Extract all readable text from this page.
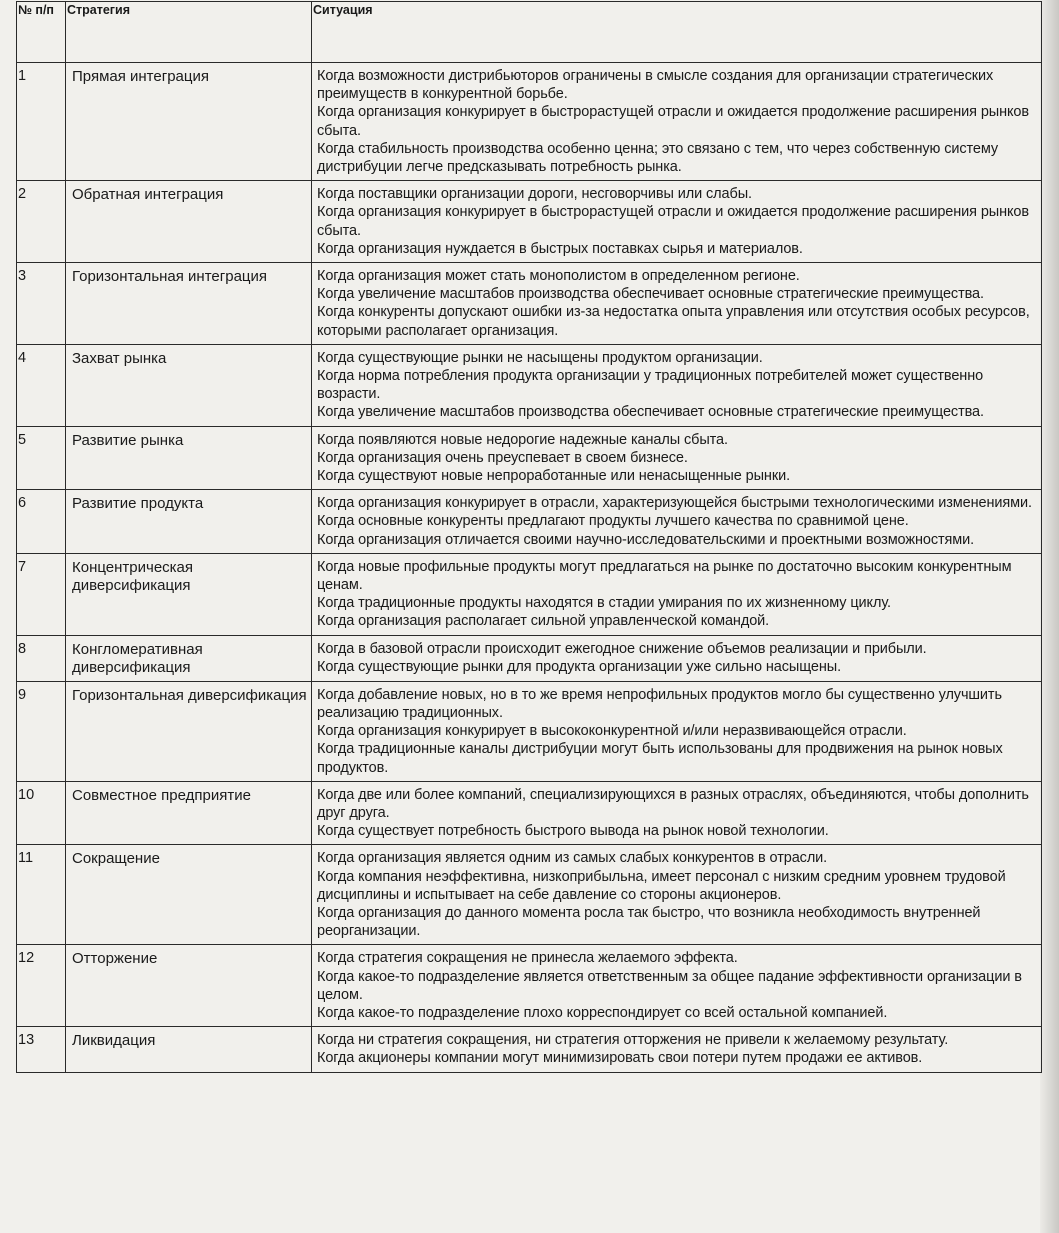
№ п/п	Стратегия	Ситуация
1	Прямая интеграция	Когда возможности дистрибьюторов ограничены в смысле создания для организации стратегических преимуществ в конкурентной борьбе.
Когда организация конкурирует в быстрорастущей отрасли и ожидается продолжение расширения рынков сбыта.
Когда стабильность производства особенно ценна; это связано с тем, что через собственную систему дистрибуции легче предсказывать потребность рынка.

2	Обратная интеграция	Когда поставщики организации дороги, несговорчивы или слабы.
Когда организация конкурирует в быстрорастущей отрасли и ожидается продолжение расширения рынков сбыта.
Когда организация нуждается в быстрых поставках сырья и материалов.

3	Горизонтальная интеграция	Когда организация может стать монополистом в определенном регионе.
Когда увеличение масштабов производства обеспечивает основные стратегические преимущества.
Когда конкуренты допускают ошибки из-за недостатка опыта управления или отсутствия особых ресурсов, которыми располагает организация.

4	Захват рынка	Когда существующие рынки не насыщены продуктом организации.
Когда норма потребления продукта организации у традиционных потребителей может существенно возрасти.
Когда увеличение масштабов производства обеспечивает основные стратегические преимущества.

5	Развитие рынка	Когда появляются новые недорогие надежные каналы сбыта.
Когда организация очень преуспевает в своем бизнесе.
Когда существуют новые непроработанные или ненасыщенные рынки.

6	Развитие продукта	Когда организация конкурирует в отрасли, характеризующейся быстрыми технологическими изменениями.
Когда основные конкуренты предлагают продукты лучшего качества по сравнимой цене.
Когда организация отличается своими научно-исследовательскими и проектными возможностями.

7	Концентрическая диверсификация	Когда новые профильные продукты могут предлагаться на рынке по достаточно высоким конкурентным ценам.
Когда традиционные продукты находятся в стадии умирания по их жизненному циклу.
Когда организация располагает сильной управленческой командой.

8	Конгломеративная диверсификация	Когда в базовой отрасли происходит ежегодное снижение объемов реализации и прибыли.
Когда существующие рынки для продукта организации уже сильно насыщены.

9	Горизонтальная диверсификация	Когда добавление новых, но в то же время непрофильных продуктов могло бы существенно улучшить реализацию традиционных.
Когда организация конкурирует в высококонкурентной и/или неразвивающейся отрасли.
Когда традиционные каналы дистрибуции могут быть использованы для продвижения на рынок новых продуктов.

10	Совместное предприятие	Когда две или более компаний, специализирующихся в разных отраслях, объединяются, чтобы дополнить друг друга.
Когда существует потребность быстрого вывода на рынок новой технологии.

11	Сокращение	Когда организация является одним из самых слабых конкурентов в отрасли.
Когда компания неэффективна, низкоприбыльна, имеет персонал с низким средним уровнем трудовой дисциплины и испытывает на себе давление со стороны акционеров.
Когда организация до данного момента росла так быстро, что возникла необходимость внутренней реорганизации.

12	Отторжение	Когда стратегия сокращения не принесла желаемого эффекта.
Когда какое-то подразделение является ответственным за общее падание эффективности организации в целом.
Когда какое-то подразделение плохо корреспондирует со всей остальной компанией.

13	Ликвидация	Когда ни стратегия сокращения, ни стратегия отторжения не привели к желаемому результату.
Когда акционеры компании могут минимизировать свои потери путем продажи ее активов.
